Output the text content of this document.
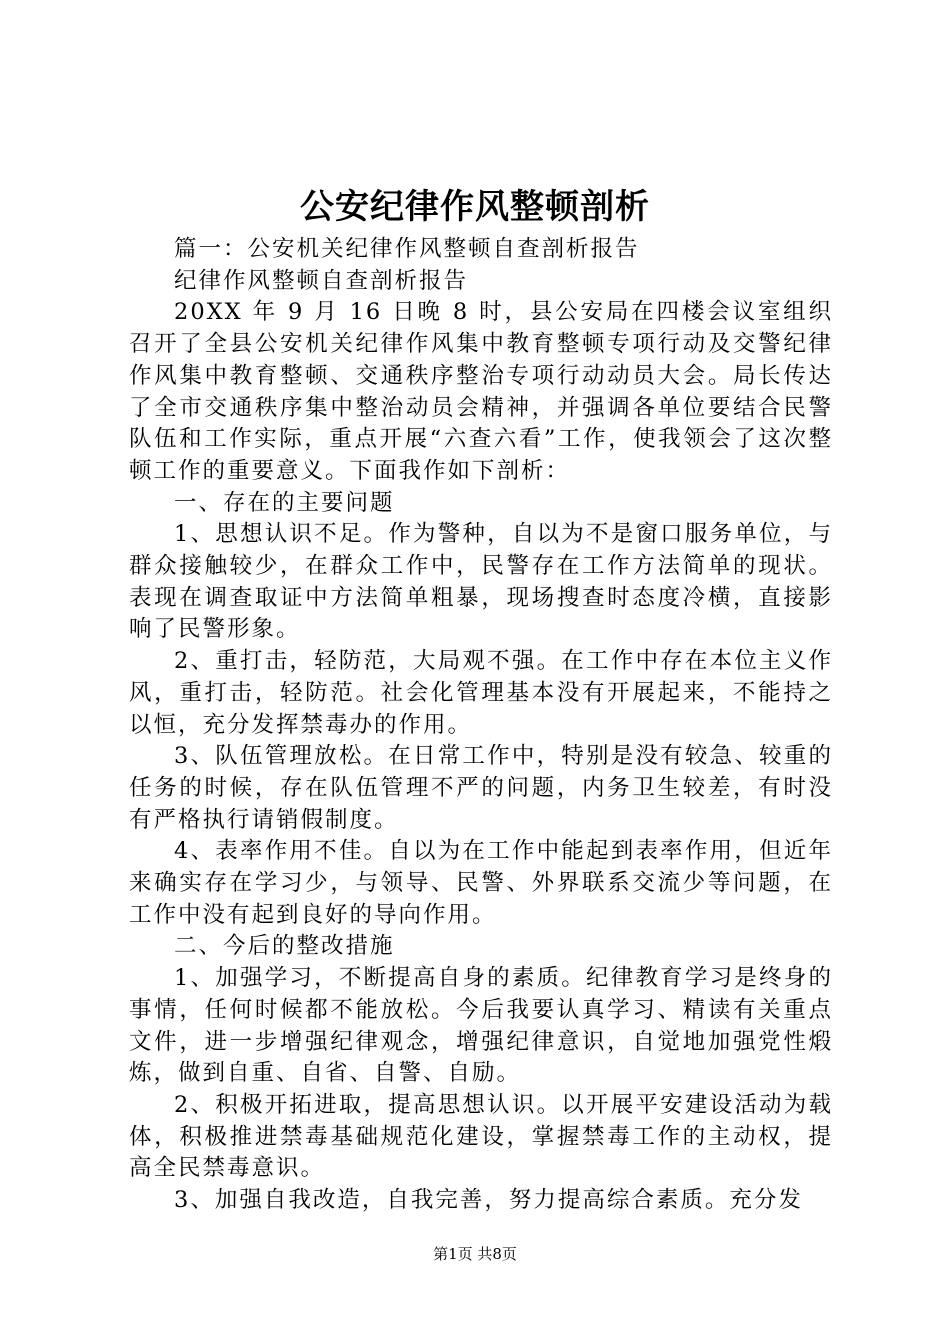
公安纪律作风整顿剖析

篇一：公安机关纪律作风整顿自查剖析报告

纪律作风整顿自查剖析报告

20XX 年 9 月 16 日晚 8 时，县公安局在四楼会议室组织召开了全县公安机关纪律作风集中教育整顿专项行动及交警纪律作风集中教育整顿、交通秩序整治专项行动动员大会。局长传达了全市交通秩序集中整治动员会精神，并强调各单位要结合民警队伍和工作实际，重点开展“六查六看”工作，使我领会了这次整顿工作的重要意义。下面我作如下剖析：

一、存在的主要问题

1、思想认识不足。作为警种，自以为不是窗口服务单位，与群众接触较少，在群众工作中，民警存在工作方法简单的现状。表现在调查取证中方法简单粗暴，现场搜查时态度冷横，直接影响了民警形象。

2、重打击，轻防范，大局观不强。在工作中存在本位主义作风，重打击，轻防范。社会化管理基本没有开展起来，不能持之以恒，充分发挥禁毒办的作用。

3、队伍管理放松。在日常工作中，特别是没有较急、较重的任务的时候，存在队伍管理不严的问题，内务卫生较差，有时没有严格执行请销假制度。

4、表率作用不佳。自以为在工作中能起到表率作用，但近年来确实存在学习少，与领导、民警、外界联系交流少等问题，在工作中没有起到良好的导向作用。

二、今后的整改措施

1、加强学习，不断提高自身的素质。纪律教育学习是终身的事情，任何时候都不能放松。今后我要认真学习、精读有关重点文件，进一步增强纪律观念，增强纪律意识，自觉地加强党性煅炼，做到自重、自省、自警、自励。

2、积极开拓进取，提高思想认识。以开展平安建设活动为载体，积极推进禁毒基础规范化建设，掌握禁毒工作的主动权，提高全民禁毒意识。

3、加强自我改造，自我完善，努力提高综合素质。充分发

第1页 共8页
